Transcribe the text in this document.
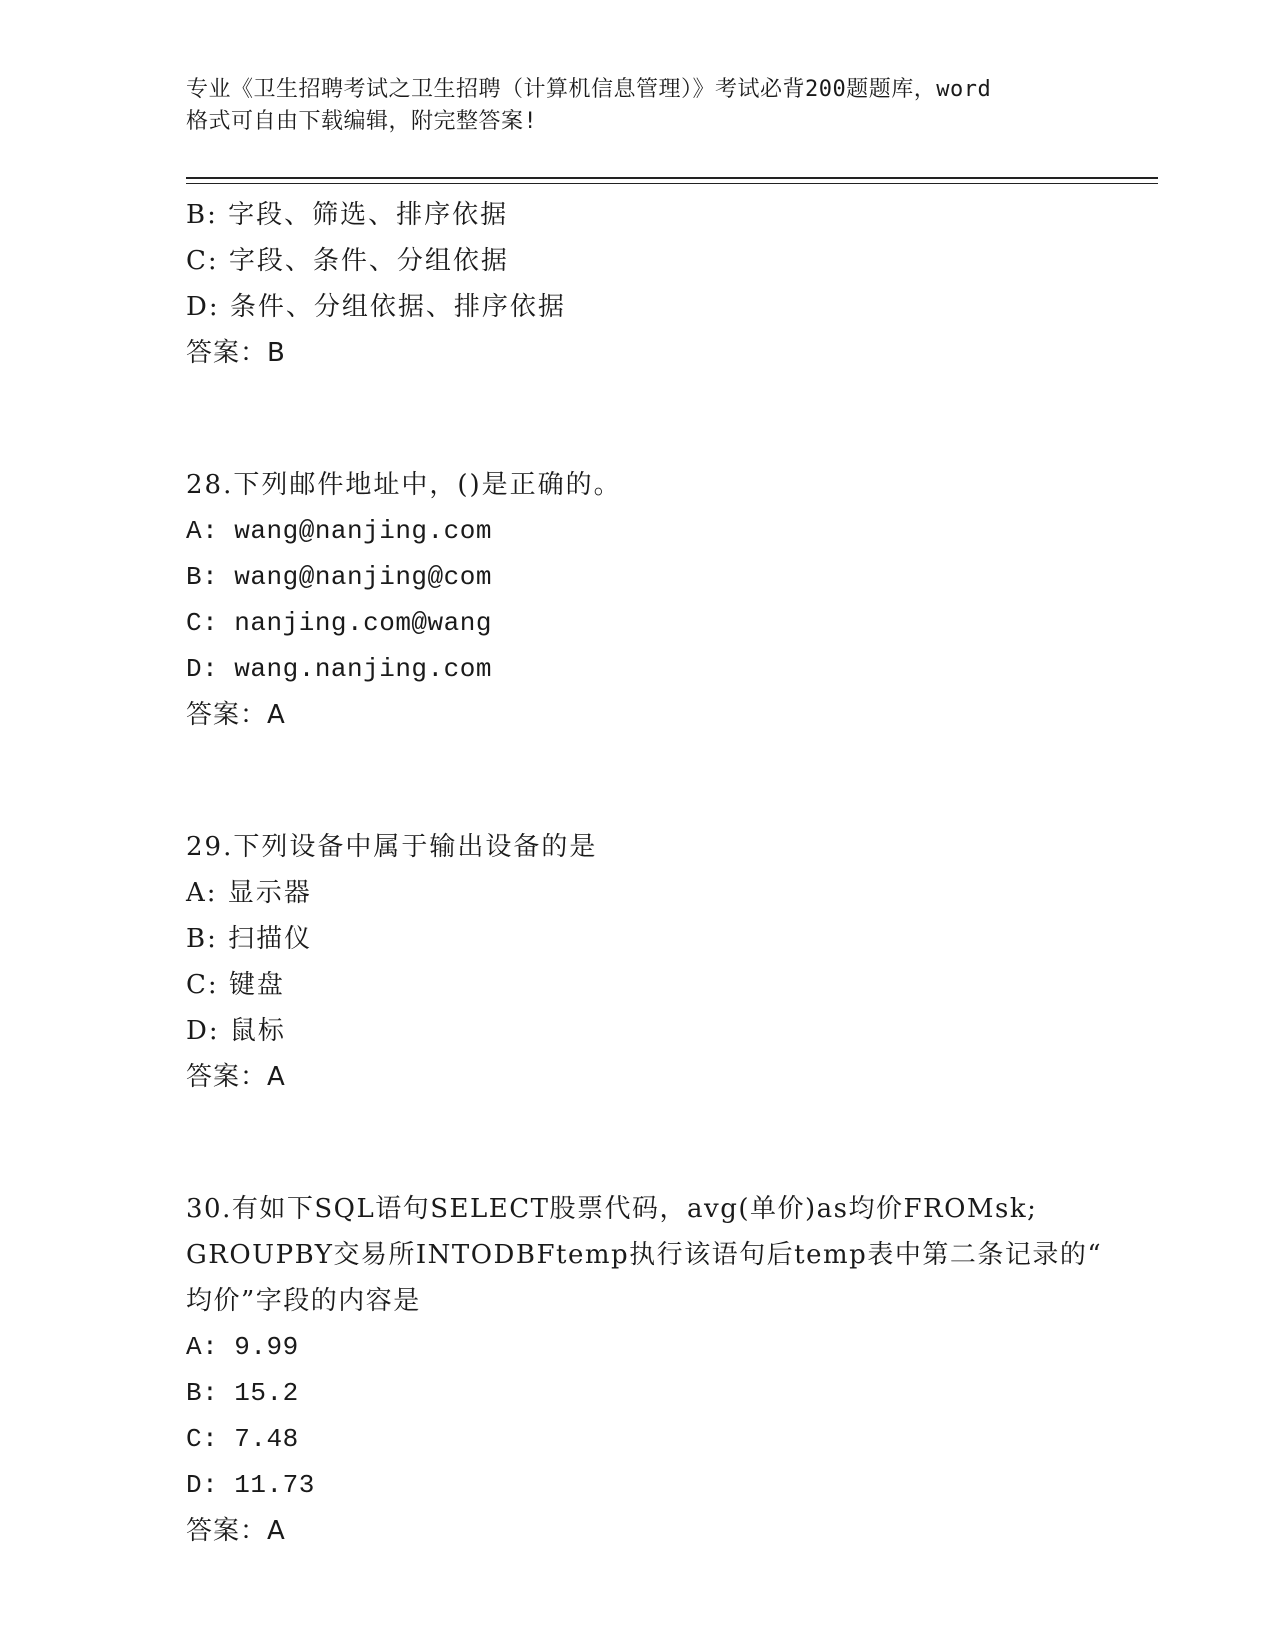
专业《卫生招聘考试之卫生招聘（计算机信息管理）》考试必背200题题库，word
格式可自由下载编辑，附完整答案!
B: 字段、筛选、排序依据
C: 字段、条件、分组依据
D: 条件、分组依据、排序依据
答案：B
28.下列邮件地址中，()是正确的。
A: wang@nanjing.com
B: wang@nanjing@com
C: nanjing.com@wang
D: wang.nanjing.com
答案：A
29.下列设备中属于输出设备的是
A: 显示器
B: 扫描仪
C: 键盘
D: 鼠标
答案：A
30.有如下SQL语句SELECT股票代码，avg(单价)as均价FROMsk;
GROUPBY交易所INTODBFtemp执行该语句后temp表中第二条记录的“
均价”字段的内容是
A: 9.99
B: 15.2
C: 7.48
D: 11.73
答案：A
